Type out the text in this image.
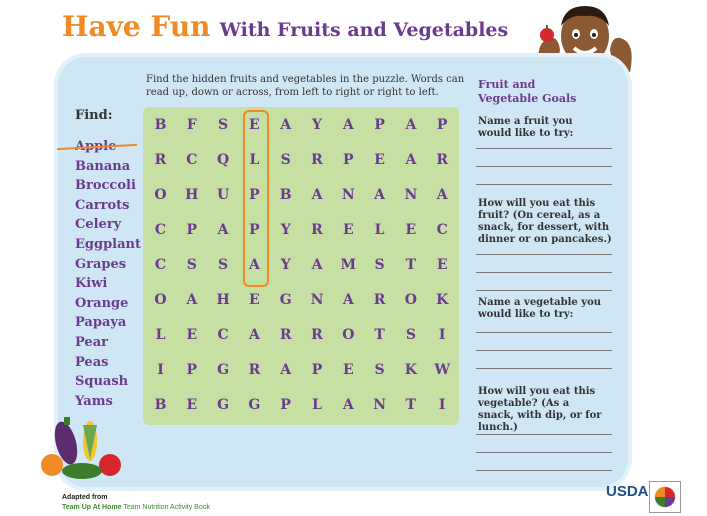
Have Fun With Fruits and Vegetables
Find the hidden fruits and vegetables in the puzzle. Words can read up, down or across, from left to right or right to left.
Find:
Banana
Broccoli
Carrots
Celery
Eggplant
Grapes
Kiwi
Orange
Papaya
Pear
Peas
Squash
Yams
B	F	S	E	A	Y	A	P	A	P
R	C	Q	L	S	R	P	E	A	R
O	H	U	P	B	A	N	A	N	A
C	P	A	P	Y	R	E	L	E	C
C	S	S	A	Y	A	M	S	T	E
O	A	H	E	G	N	A	R	O	K
L	E	C	A	R	R	O	T	S	I
I	P	G	R	A	P	E	S	K	W
B	E	G	G	P	L	A	N	T	I
Fruit and
Vegetable Goals
Name a fruit you would like to try:
How will you eat this fruit? (On cereal, as a snack, for dessert, with dinner or on pancakes.)
Name a vegetable you would like to try:
How will you eat this vegetable? (As a snack, with dip, or for lunch.)
Adapted from
Team Up At Home Team Nutrition Activity Book
USDA
